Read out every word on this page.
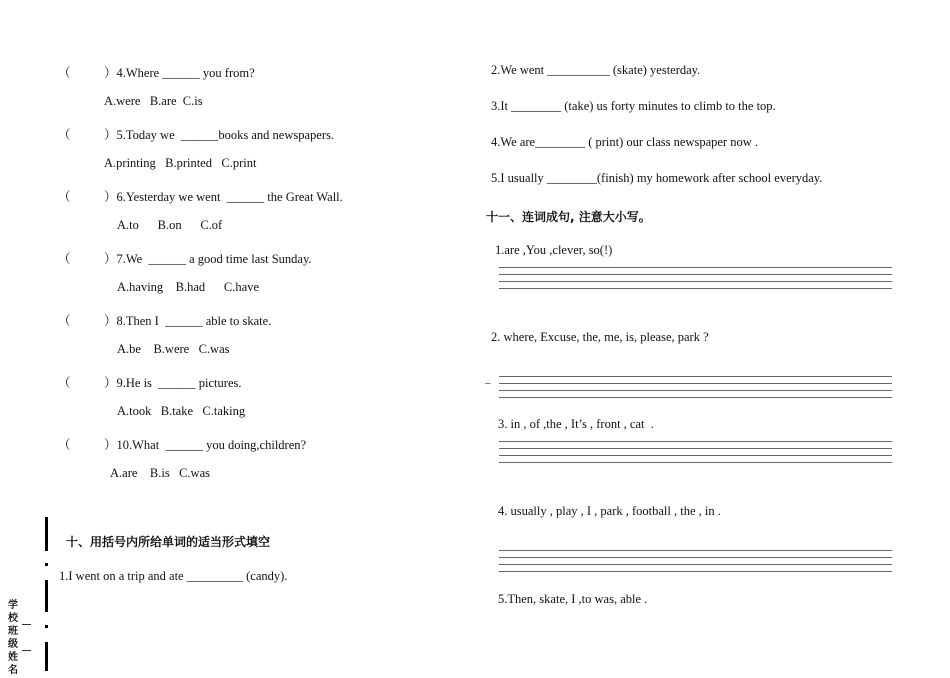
（	）4.Where ______ you from?
A.were   B.are  C.is
（	）5.Today we  ______books and newspapers.
A.printing   B.printed   C.print
（	）6.Yesterday we went  ______ the Great Wall.
A.to      B.on      C.of
（	）7.We  ______ a good time last Sunday.
A.having    B.had      C.have
（	）8.Then I  ______ able to skate.
A.be    B.were   C.was
（	）9.He is  ______ pictures.
A.took   B.take   C.taking
（	）10.What  ______ you doing,children?
A.are    B.is   C.was
十、用括号内所给单词的适当形式填空
1.I went on a trip and ate _________ (candy).
学
校
班
级
姓
名
2.We went __________ (skate) yesterday.
3.It ________ (take) us forty minutes to climb to the top.
4.We are________ ( print) our class newspaper now .
5.I usually ________(finish) my homework after school everyday.
十一、连词成句, 注意大小写。
1.are ,You ,clever, so(!)
2. where, Excuse, the, me, is, please, park ?
–
3. in , of ,the , It’s , front , cat  .
4. usually , play , I , park , football , the , in .
5.Then, skate, I ,to was, able .
